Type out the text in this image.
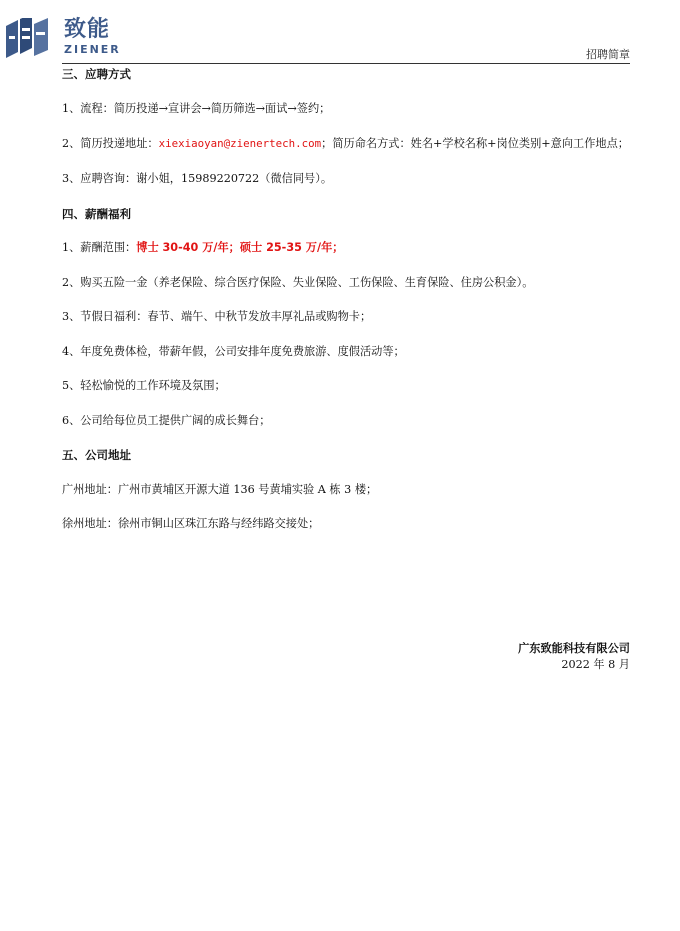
致能
ZIENER	招聘简章
三、应聘方式
1、流程：简历投递→宣讲会→简历筛选→面试→签约；
2、简历投递地址：xiexiaoyan@zienertech.com；简历命名方式：姓名+学校名称+岗位类别+意向工作地点；
3、应聘咨询：谢小姐，15989220722（微信同号）。
四、薪酬福利
1、薪酬范围：博士 30-40 万/年；硕士 25-35 万/年；
2、购买五险一金（养老保险、综合医疗保险、失业保险、工伤保险、生育保险、住房公积金）。
3、节假日福利：春节、端午、中秋节发放丰厚礼品或购物卡；
4、年度免费体检，带薪年假，公司安排年度免费旅游、度假活动等；
5、轻松愉悦的工作环境及氛围；
6、公司给每位员工提供广阔的成长舞台；
五、公司地址
广州地址：广州市黄埔区开源大道 136 号黄埔实验 A 栋 3 楼；
徐州地址：徐州市铜山区珠江东路与经纬路交接处；
广东致能科技有限公司
2022 年 8 月
